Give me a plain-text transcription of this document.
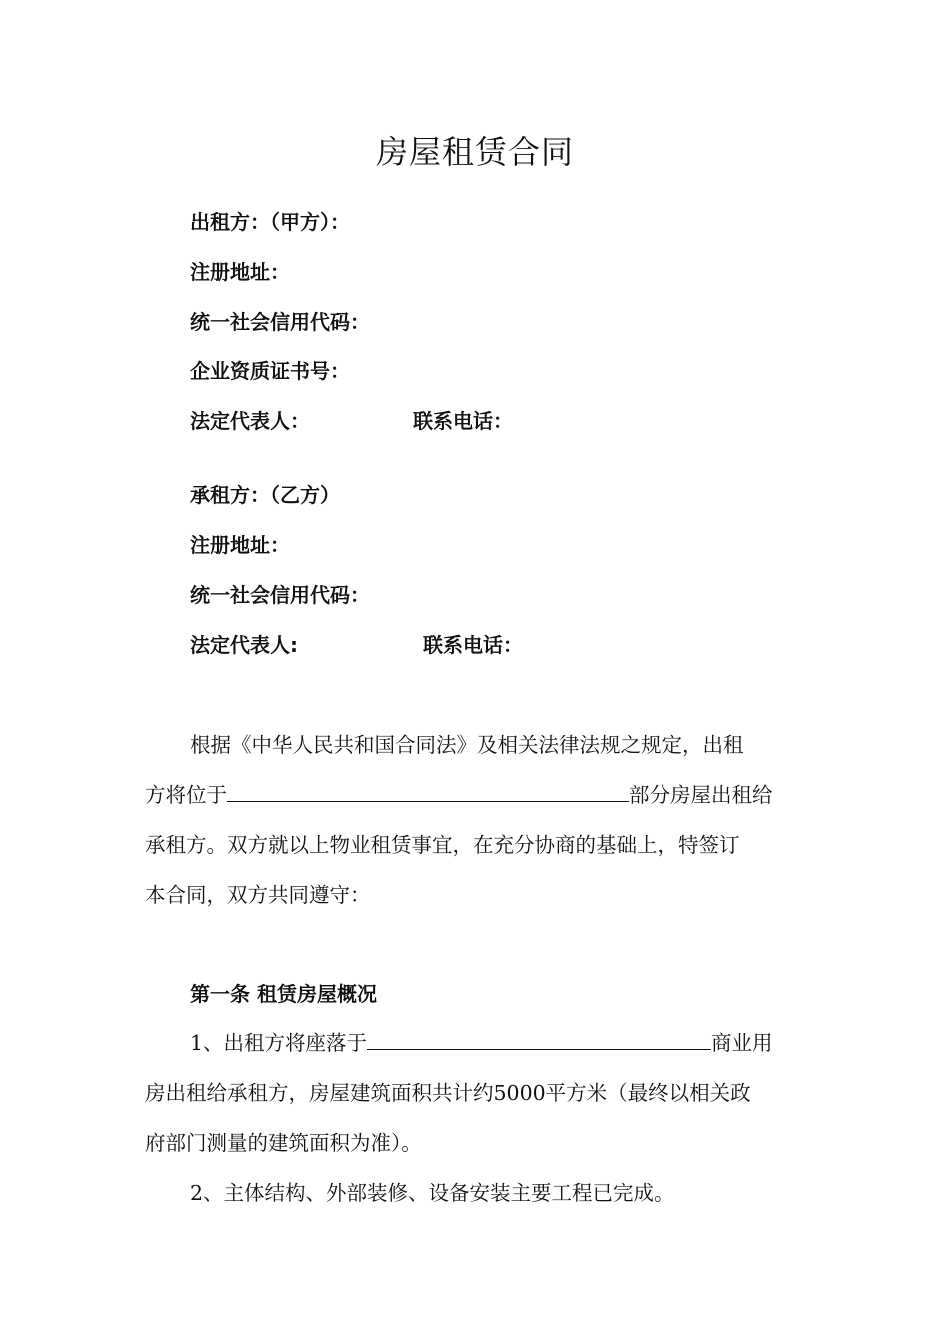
房屋租赁合同
出租方：（甲方）：
注册地址：
统一社会信用代码：
企业资质证书号：
法定代表人：	联系电话：
承租方：（乙方）
注册地址：
统一社会信用代码：
法定代表人:	联系电话：
根据《中华人民共和国合同法》及相关法律法规之规定，出租
方将位于	部分房屋出租给
承租方。双方就以上物业租赁事宜，在充分协商的基础上，特签订
本合同，双方共同遵守：
第一条 租赁房屋概况
1、出租方将座落于	商业用
房出租给承租方，房屋建筑面积共计约5000平方米（最终以相关政
府部门测量的建筑面积为准）。
2、主体结构、外部装修、设备安装主要工程已完成。
